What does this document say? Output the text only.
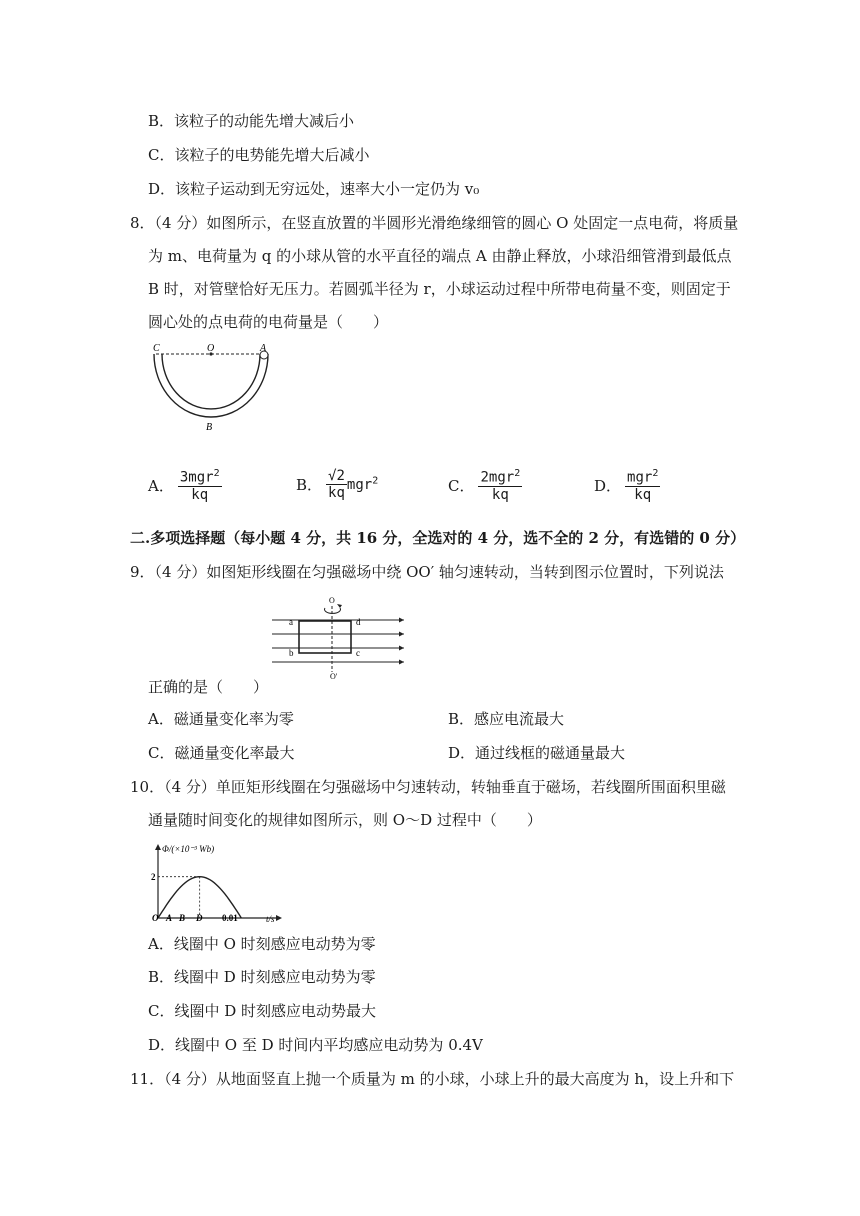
B．该粒子的动能先增大减后小
C．该粒子的电势能先增大后减小
D．该粒子运动到无穷远处，速率大小一定仍为 v₀
8．（4 分）如图所示，在竖直放置的半圆形光滑绝缘细管的圆心 O 处固定一点电荷，将质量
为 m、电荷量为 q 的小球从管的水平直径的端点 A 由静止释放，小球沿细管滑到最低点
B 时，对管壁恰好无压力。若圆弧半径为 r，小球运动过程中所带电荷量不变，则固定于
圆心处的点电荷的电荷量是（　　）
C	O	A
B
A． $\frac{3mgr^2}{kq}$	B． $\frac{√2}{kq} mgr^2$	C． $\frac{2mgr^2}{kq}$	D． $\frac{mgr^2}{kq}$
二.多项选择题（每小题 4 分，共 16 分，全选对的 4 分，选不全的 2 分，有选错的 0 分）
9．（4 分）如图矩形线圈在匀强磁场中绕 OO′ 轴匀速转动，当转到图示位置时，下列说法
O
O'
a
b	c
d
正确的是（　　）
A．磁通量变化率为零	B．感应电流最大
C．磁通量变化率最大	D．通过线框的磁通量最大
10．（4 分）单匝矩形线圈在匀强磁场中匀速转动，转轴垂直于磁场，若线圈所围面积里磁
通量随时间变化的规律如图所示，则 O～D 过程中（　　）
Φ/(×10⁻³ Wb)
2
O A B D 0.01	t/s
A．线圈中 O 时刻感应电动势为零
B．线圈中 D 时刻感应电动势为零
C．线圈中 D 时刻感应电动势最大
D．线圈中 O 至 D 时间内平均感应电动势为 0.4V
11．（4 分）从地面竖直上抛一个质量为 m 的小球，小球上升的最大高度为 h，设上升和下
